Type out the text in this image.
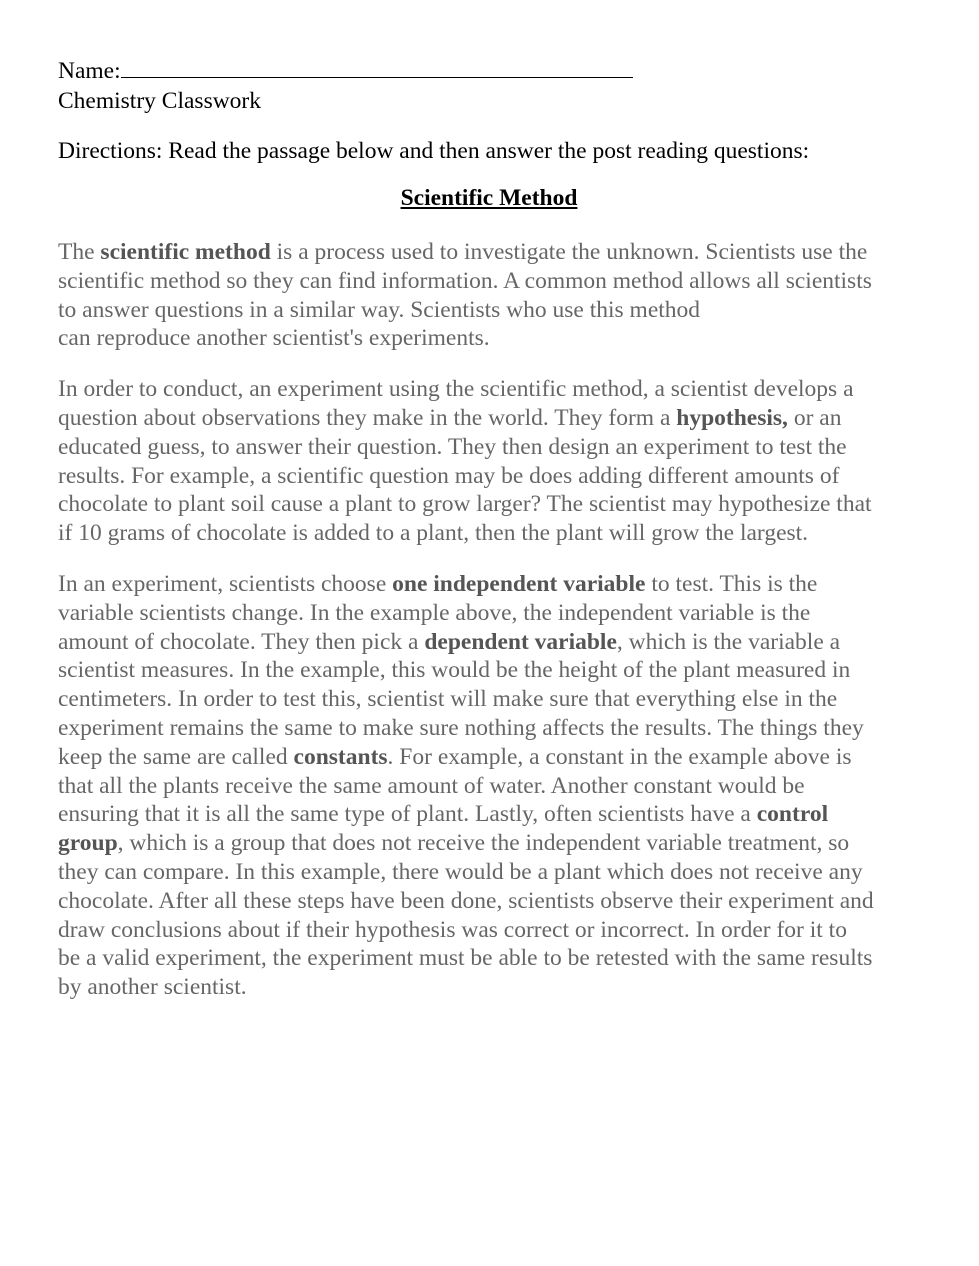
Name:

Chemistry Classwork

Directions: Read the passage below and then answer the post reading questions:

Scientific Method

The scientific method is a process used to investigate the unknown. Scientists use the
scientific method so they can find information. A common method allows all scientists
to answer questions in a similar way. Scientists who use this method
can reproduce another scientist's experiments.

In order to conduct, an experiment using the scientific method, a scientist develops a
question about observations they make in the world. They form a hypothesis, or an
educated guess, to answer their question. They then design an experiment to test the
results. For example, a scientific question may be does adding different amounts of
chocolate to plant soil cause a plant to grow larger? The scientist may hypothesize that
if 10 grams of chocolate is added to a plant, then the plant will grow the largest.

In an experiment, scientists choose one independent variable to test. This is the
variable scientists change. In the example above, the independent variable is the
amount of chocolate. They then pick a dependent variable, which is the variable a
scientist measures. In the example, this would be the height of the plant measured in
centimeters. In order to test this, scientist will make sure that everything else in the
experiment remains the same to make sure nothing affects the results. The things they
keep the same are called constants. For example, a constant in the example above is
that all the plants receive the same amount of water. Another constant would be
ensuring that it is all the same type of plant. Lastly, often scientists have a control
group, which is a group that does not receive the independent variable treatment, so
they can compare. In this example, there would be a plant which does not receive any
chocolate. After all these steps have been done, scientists observe their experiment and
draw conclusions about if their hypothesis was correct or incorrect. In order for it to
be a valid experiment, the experiment must be able to be retested with the same results
by another scientist.
